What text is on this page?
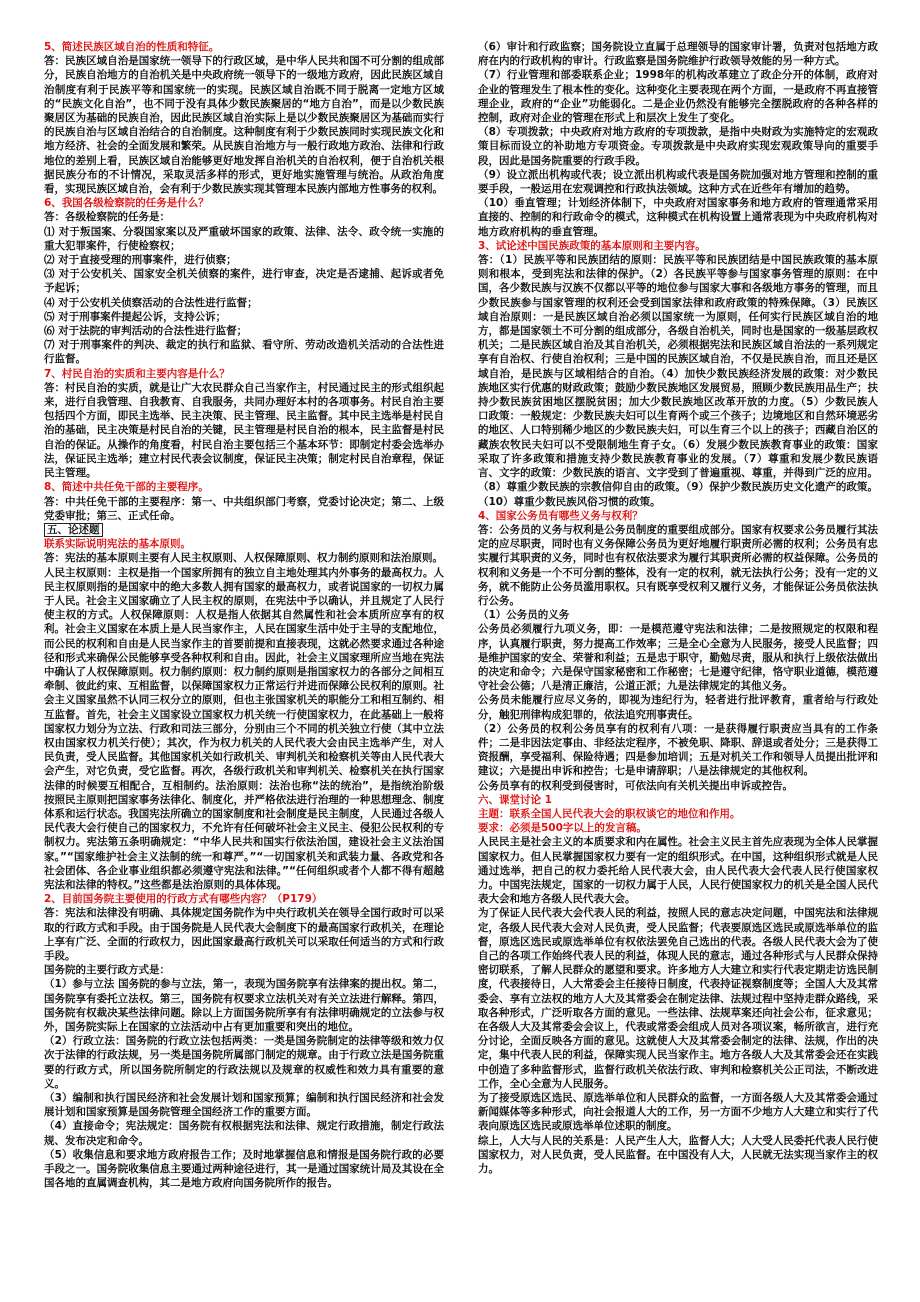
5、简述民族区域自治的性质和特征。

答：民族区域自治是国家统一领导下的行政区域，是中华人民共和国不可分割的组成部分，民族自治地方的自治机关是中央政府统一领导下的一级地方政府，因此民族区域自治制度有利于民族平等和国家统一的实现。民族区域自治既不同于脱离一定地方区域的“民族文化自治”，也不同于没有具体少数民族聚居的“地方自治”，而是以少数民族聚居区为基础的民族自治，因此民族区域自治实际上是以少数民族聚居区为基础而实行的民族自治与区域自治结合的自治制度。这种制度有利于少数民族同时实现民族文化和地方经济、社会的全面发展和繁荣。从民族自治地方与一般行政地方政治、法律和行政地位的差别上看，民族区域自治能够更好地发挥自治机关的自治权利，便于自治机关根据民族分布的不计情况，采取灵活多样的形式，更好地实施管理与统治。从政治角度看，实现民族区域自治，会有利于少数民族实现其管理本民族内部地方性事务的权利。

6、我国各级检察院的任务是什么？

答：各级检察院的任务是：

⑴ 对于叛国案、分裂国家案以及严重破坏国家的政策、法律、法令、政令统一实施的重大犯罪案件，行使检察权；

⑵ 对于直接受理的刑事案件，进行侦察；

⑶ 对于公安机关、国家安全机关侦察的案件，进行审查，决定是否逮捕、起诉或者免予起诉；

⑷ 对于公安机关侦察活动的合法性进行监督；

⑸ 对于刑事案件提起公诉，支持公诉；

⑹ 对于法院的审判活动的合法性进行监督；

⑺ 对于刑事案件的判决、裁定的执行和监狱、看守所、劳动改造机关活动的合法性进行监督。

7、村民自治的实质和主要内容是什么？

答：村民自治的实质，就是让广大农民群众自己当家作主，村民通过民主的形式组织起来，进行自我管理、自我教育、自我服务，共同办理好本村的各项事务。村民自治主要包括四个方面，即民主选举、民主决策、民主管理、民主监督。其中民主选举是村民自治的基础，民主决策是村民自治的关键，民主管理是村民自治的根本，民主监督是村民自治的保证。从操作的角度看，村民自治主要包括三个基本环节：即制定村委会选举办法，保证民主选举；建立村民代表会议制度，保证民主决策；制定村民自治章程，保证民主管理。

8、简述中共任免干部的主要程序。

答：中共任免干部的主要程序：第一、中共组织部门考察，党委讨论决定；第二、上级党委审批；第三、正式任命。

五、论述题

联系实际说明宪法的基本原则。

答：宪法的基本原则主要有人民主权原则、人权保障原则、权力制约原则和法治原则。

人民主权原则：主权是指一个国家所拥有的独立自主地处理其内外事务的最高权力。人民主权原则指的是国家中的绝大多数人拥有国家的最高权力，或者说国家的一切权力属于人民。社会主义国家确立了人民主权的原则，在宪法中予以确认，并且规定了人民行使主权的方式。人权保障原则：人权是指人依据其自然属性和社会本质所应享有的权利。社会主义国家在本质上是人民当家作主，人民在国家生活中处于主导的支配地位，而公民的权利和自由是人民当家作主的首要前提和直接表现，这就必然要求通过各种途径和形式来确保公民能够享受各种权利和自由。因此，社会主义国家理所应当地在宪法中确认了人权保障原则。权力制约原则：权力制约原则是指国家权力的各部分之间相互牵制、彼此约束、互相监督，以保障国家权力正常运行并进而保障公民权利的原则。社会主义国家虽然不认同三权分立的原则，但也主张国家机关的职能分工和相互制约、相互监督。首先，社会主义国家设立国家权力机关统一行使国家权力，在此基础上一般将国家权力划分为立法、行政和司法三部分，分别由三个不同的机关独立行使（其中立法权由国家权力机关行使）；其次，作为权力机关的人民代表大会由民主选举产生，对人民负责，受人民监督。其他国家机关如行政机关、审判机关和检察机关等由人民代表大会产生，对它负责，受它监督。再次，各级行政机关和审判机关、检察机关在执行国家法律的时候要互相配合，互相制约。法治原则：法治也称“法的统治”，是指统治阶级按照民主原则把国家事务法律化、制度化，并严格依法进行治理的一种思想理念、制度体系和运行状态。我国宪法所确立的国家制度和社会制度是民主制度，人民通过各级人民代表大会行使自己的国家权力，不允许有任何破坏社会主义民主、侵犯公民权利的专制权力。宪法第五条明确规定：“中华人民共和国实行依法治国，建设社会主义法治国家。”“国家维护社会主义法制的统一和尊严。”“一切国家机关和武装力量、各政党和各社会团体、各企业事业组织都必须遵守宪法和法律。”“任何组织或者个人都不得有超越宪法和法律的特权。”这些都是法治原则的具体体现。

2、目前国务院主要使用的行政方式有哪些内容？（P179）

答：宪法和法律没有明确、具体规定国务院作为中央行政机关在领导全国行政时可以采取的行政方式和手段。由于国务院是人民代表大会制度下的最高国家行政机关，在理论上享有广泛、全面的行政权力，因此国家最高行政机关可以采取任何适当的方式和行政手段。

国务院的主要行政方式是：

（1）参与立法 国务院的参与立法，第一，表现为国务院享有法律案的提出权。第二，国务院享有委托立法权。第三，国务院有权要求立法机关对有关立法进行解释。第四，国务院有权裁决某些法律问题。除以上方面国务院所享有有法律明确规定的立法参与权外，国务院实际上在国家的立法活动中占有更加重要和突出的地位。

（2）行政立法：国务院的行政立法包括两类：一类是国务院制定的法律等级和效力仅次于法律的行政法规，另一类是国务院所属部门制定的规章。由于行政立法是国务院重要的行政方式，所以国务院所制定的行政法规以及规章的权威性和效力具有重要的意义。

（3）编制和执行国民经济和社会发展计划和国家预算；编制和执行国民经济和社会发展计划和国家预算是国务院管理全国经济工作的重要方面。

（4）直接命令；宪法规定：国务院有权根据宪法和法律、规定行政措施，制定行政法规、发布决定和命令。

（5）收集信息和要求地方政府报告工作；及时地掌握信息和情报是国务院行政的必要手段之一。国务院收集信息主要通过两种途径进行，其一是通过国家统计局及其设在全国各地的直属调查机构，其二是地方政府向国务院所作的报告。

（6）审计和行政监察；国务院设立直属于总理领导的国家审计署，负责对包括地方政府在内的行政机构的审计。行政监察是国务院维护行政领导效能的另一种方式。

（7）行业管理和部委联系企业；1998年的机构改革建立了政企分开的体制，政府对企业的管理发生了根本性的变化。这种变化主要表现在两个方面，一是政府不再直接管理企业，政府的“企业”功能弱化。二是企业仍然没有能够完全摆脱政府的各种各样的控制，政府对企业的管理在形式上和层次上发生了变化。

（8）专项拨款；中央政府对地方政府的专项拨款，是指中央财政为实施特定的宏观政策目标而设立的补助地方专项资金。专项拨款是中央政府实现宏观政策导向的重要手段，因此是国务院重要的行政手段。

（9）设立派出机构或代表；设立派出机构或代表是国务院加强对地方管理和控制的重要手段，一般运用在宏观调控和行政执法领域。这种方式在近些年有增加的趋势。

（10）垂直管理；计划经济体制下，中央政府对国家事务和地方政府的管理通常采用直接的、控制的和行政命令的模式，这种模式在机构设置上通常表现为中央政府机构对地方政府机构的垂直管理。

3、试论述中国民族政策的基本原则和主要内容。

答：（1）民族平等和民族团结的原则：民族平等和民族团结是中国民族政策的基本原则和根本，受到宪法和法律的保护。（2）各民族平等参与国家事务管理的原则：在中国，各少数民族与汉族不仅都以平等的地位参与国家大事和各级地方事务的管理，而且少数民族参与国家管理的权利还会受到国家法律和政府政策的特殊保障。（3）民族区域自治原则：一是民族区域自治必须以国家统一为原则，任何实行民族区域自治的地方，都是国家领土不可分割的组成部分，各级自治机关，同时也是国家的一级基层政权机关；二是民族区域自治及其自治机关，必须根据宪法和民族区域自治法的一系列规定享有自治权、行使自治权利；三是中国的民族区域自治，不仅是民族自治，而且还是区域自治，是民族与区域相结合的自治。（4）加快少数民族经济发展的政策：对少数民族地区实行优惠的财政政策；鼓励少数民族地区发展贸易，照顾少数民族用品生产；扶持少数民族贫困地区摆脱贫困；加大少数民族地区改革开放的力度。（5）少数民族人口政策：一般规定：少数民族夫妇可以生育两个或三个孩子；边境地区和自然环境恶劣的地区、人口特别稀少地区的少数民族夫妇，可以生育三个以上的孩子；西藏自治区的藏族农牧民夫妇可以不受限制地生育子女。（6）发展少数民族教育事业的政策：国家采取了许多政策和措施支持少数民族教育事业的发展。（7）尊重和发展少数民族语言、文字的政策：少数民族的语言、文字受到了普遍重视、尊重，并得到广泛的应用。（8）尊重少数民族的宗教信仰自由的政策。（9）保护少数民族历史文化遗产的政策。（10）尊重少数民族风俗习惯的政策。

4、国家公务员有哪些义务与权利？

答：公务员的义务与权利是公务员制度的重要组成部分。国家有权要求公务员履行其法定的应尽职责，同时也有义务保障公务员为更好地履行职责所必需的权利；公务员有忠实履行其职责的义务，同时也有权依法要求为履行其职责所必需的权益保障。公务员的权利和义务是一个不可分割的整体，没有一定的权利，就无法执行公务；没有一定的义务，就不能防止公务员滥用职权。只有既享受权利又履行义务，才能保证公务员依法执行公务。

（1）公务员的义务

公务员必须履行九项义务，即：一是模范遵守宪法和法律；二是按照规定的权限和程序，认真履行职责，努力提高工作效率；三是全心全意为人民服务，接受人民监督；四是维护国家的安全、荣誉和利益；五是忠于职守，勤勉尽责，服从和执行上级依法做出的决定和命令；六是保守国家秘密和工作秘密；七是遵守纪律，恪守职业道德，模范遵守社会公德；八是清正廉洁，公道正派；九是法律规定的其他义务。

公务员未能履行应尽义务的，即视为违纪行为，轻者进行批评教育，重者给与行政处分，触犯刑律构成犯罪的，依法追究刑事责任。

（2）公务员的权利公务员享有的权利有八项：一是获得履行职责应当具有的工作条件；二是非因法定事由、非经法定程序，不被免职、降职、辞退或者处分；三是获得工资报酬，享受福利、保险待遇；四是参加培训；五是对机关工作和领导人员提出批评和建议；六是提出申诉和控告；七是申请辞职；八是法律规定的其他权利。

公务员享有的权利受到侵害时，可依法向有关机关提出申诉或控告。

六、课堂讨论 1

主题：联系全国人民代表大会的职权谈它的地位和作用。

要求：必须是500字以上的发言稿。

人民民主是社会主义的本质要求和内在属性。社会主义民主首先应表现为全体人民掌握国家权力。但人民掌握国家权力要有一定的组织形式。在中国，这种组织形式就是人民通过选举，把自己的权力委托给人民代表大会，由人民代表大会代表人民行使国家权力。中国宪法规定，国家的一切权力属于人民，人民行使国家权力的机关是全国人民代表大会和地方各级人民代表大会。

为了保证人民代表大会代表人民的利益，按照人民的意志决定问题，中国宪法和法律规定，各级人民代表大会对人民负责，受人民监督；代表要原选区选民或原选举单位的监督，原选区选民或原选举单位有权依法罢免自己选出的代表。各级人民代表大会为了使自己的各项工作始终代表人民的利益，体现人民的意志，通过各种形式与人民群众保持密切联系，了解人民群众的愿望和要求。许多地方人大建立和实行代表定期走访选民制度，代表接待日，人大常委会主任接待日制度，代表持证视察制度等；全国人大及其常委会、享有立法权的地方人大及其常委会在制定法律、法规过程中坚持走群众路线，采取各种形式，广泛听取各方面的意见。一些法律、法规草案还向社会公布，征求意见；在各级人大及其常委会会议上，代表或常委会组成人员对各项议案，畅所欲言，进行充分讨论，全面反映各方面的意见。这就使人大及其常委会制定的法律、法规，作出的决定，集中代表人民的利益，保障实现人民当家作主。地方各级人大及其常委会还在实践中创造了多种监督形式，监督行政机关依法行政、审判和检察机关公正司法，不断改进工作，全心全意为人民服务。

为了接受原选区选民、原选举单位和人民群众的监督，一方面各级人大及其常委会通过新闻媒体等多种形式，向社会报道人大的工作，另一方面不少地方人大建立和实行了代表向原选区选民或原选举单位述职的制度。

综上，人大与人民的关系是：人民产生人大，监督人大；人大受人民委托代表人民行使国家权力，对人民负责，受人民监督。在中国没有人大，人民就无法实现当家作主的权力。
